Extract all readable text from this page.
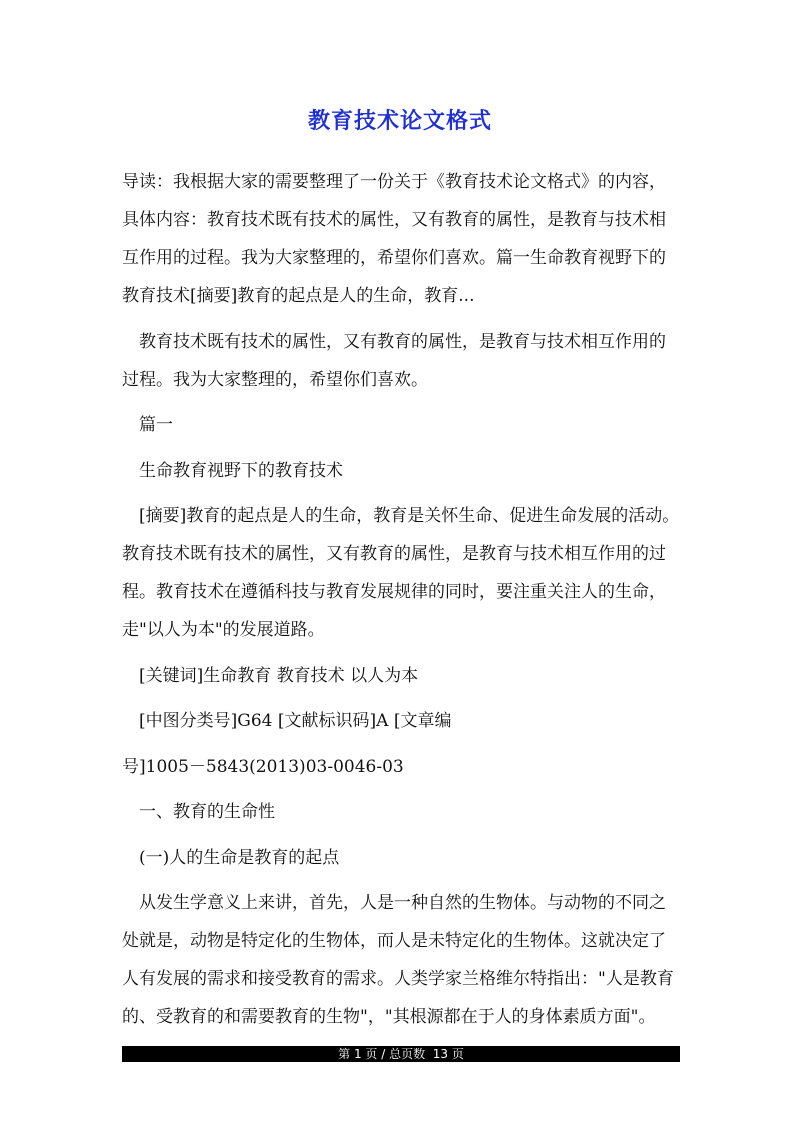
教育技术论文格式

导读：我根据大家的需要整理了一份关于《教育技术论文格式》的内容，具体内容：教育技术既有技术的属性，又有教育的属性，是教育与技术相互作用的过程。我为大家整理的，希望你们喜欢。篇一生命教育视野下的教育技术[摘要]教育的起点是人的生命，教育...

教育技术既有技术的属性，又有教育的属性，是教育与技术相互作用的过程。我为大家整理的，希望你们喜欢。

篇一

生命教育视野下的教育技术

[摘要]教育的起点是人的生命，教育是关怀生命、促进生命发展的活动。教育技术既有技术的属性，又有教育的属性，是教育与技术相互作用的过程。教育技术在遵循科技与教育发展规律的同时，要注重关注人的生命，走"以人为本"的发展道路。

[关键词]生命教育 教育技术 以人为本

[中图分类号]G64 [文献标识码]A [文章编

号]1005－5843(2013)03-0046-03

一、教育的生命性

(一)人的生命是教育的起点

从发生学意义上来讲，首先，人是一种自然的生物体。与动物的不同之处就是，动物是特定化的生物体，而人是未特定化的生物体。这就决定了人有发展的需求和接受教育的需求。人类学家兰格维尔特指出："人是教育的、受教育的和需要教育的生物"，"其根源都在于人的身体素质方面"。

第 1 页 / 总页数  13 页
